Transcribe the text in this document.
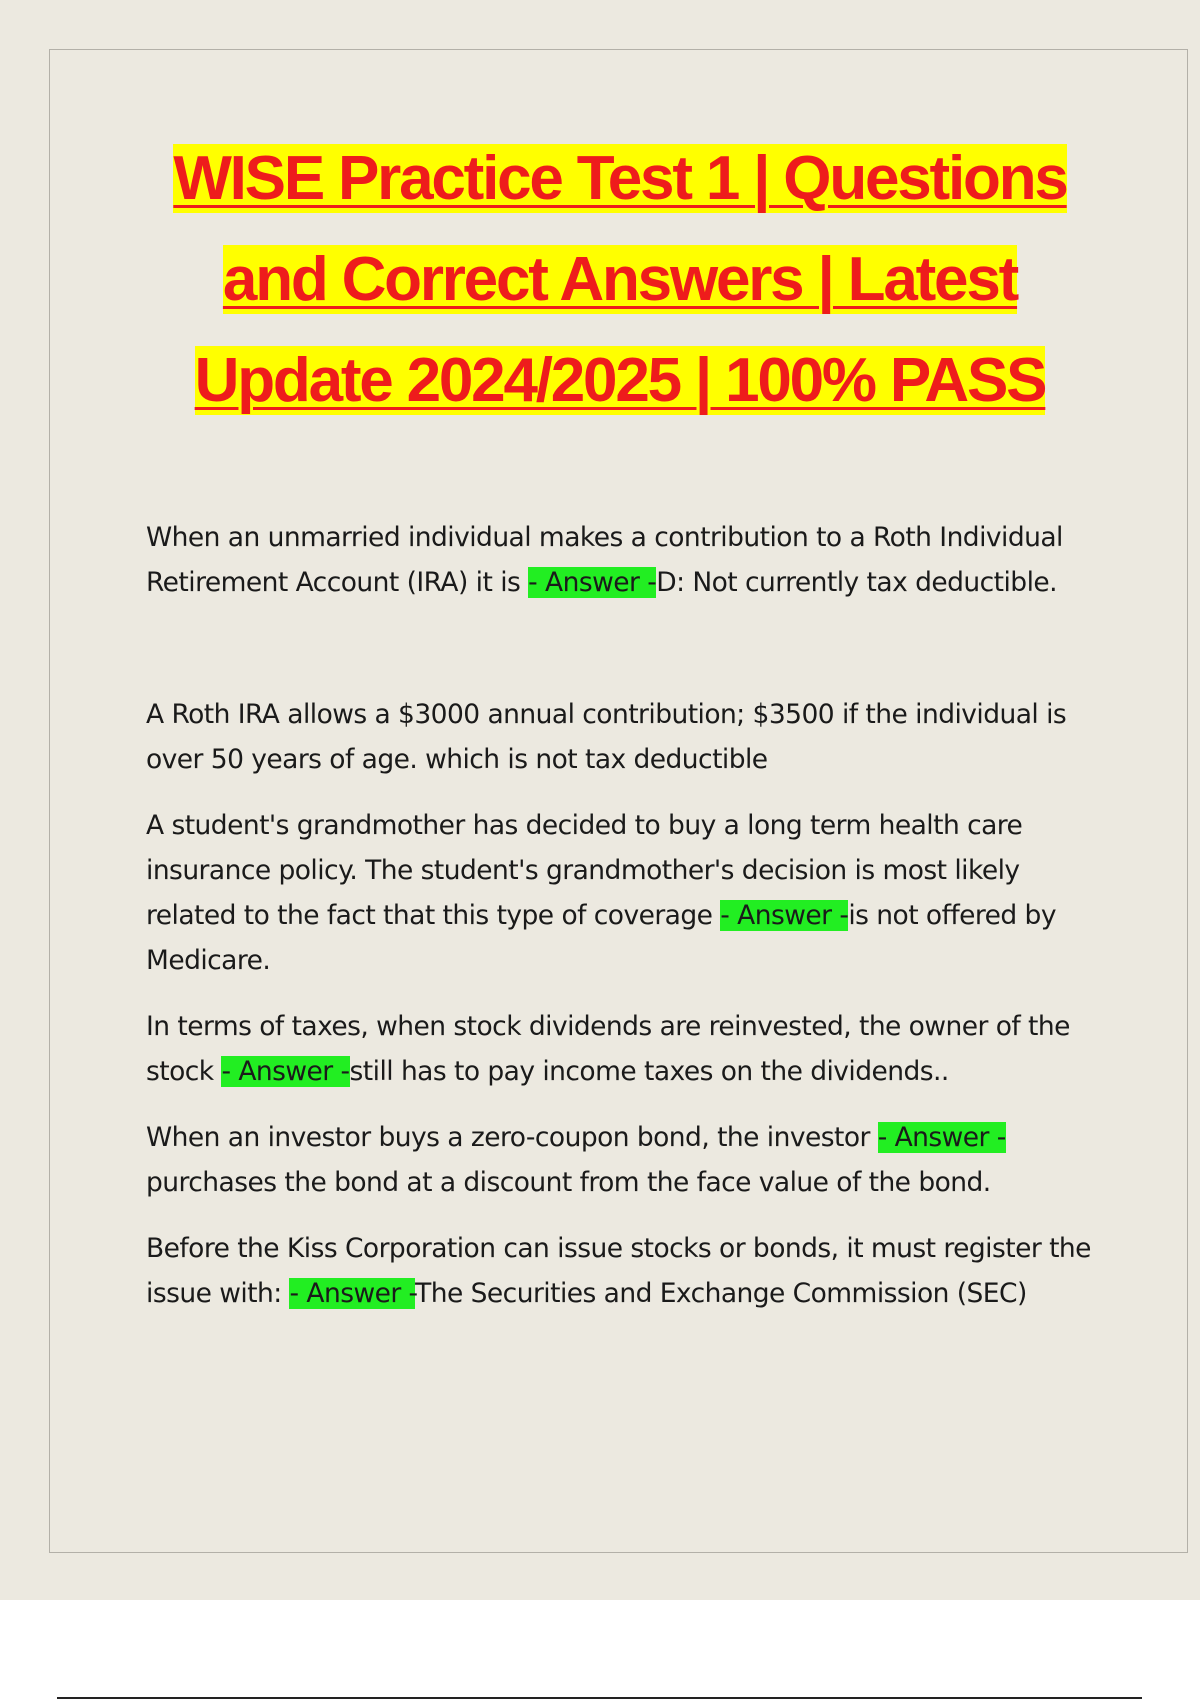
WISE Practice Test 1 | Questions
and Correct Answers | Latest
Update 2024/2025 | 100% PASS

When an unmarried individual makes a contribution to a Roth Individual Retirement Account (IRA) it is - Answer -D: Not currently tax deductible.

A Roth IRA allows a $3000 annual contribution; $3500 if the individual is over 50 years of age. which is not tax deductible

A student's grandmother has decided to buy a long term health care insurance policy. The student's grandmother's decision is most likely related to the fact that this type of coverage - Answer -is not offered by Medicare.

In terms of taxes, when stock dividends are reinvested, the owner of the stock - Answer -still has to pay income taxes on the dividends..

When an investor buys a zero-coupon bond, the investor - Answer -purchases the bond at a discount from the face value of the bond.

Before the Kiss Corporation can issue stocks or bonds, it must register the issue with: - Answer -The Securities and Exchange Commission (SEC)
